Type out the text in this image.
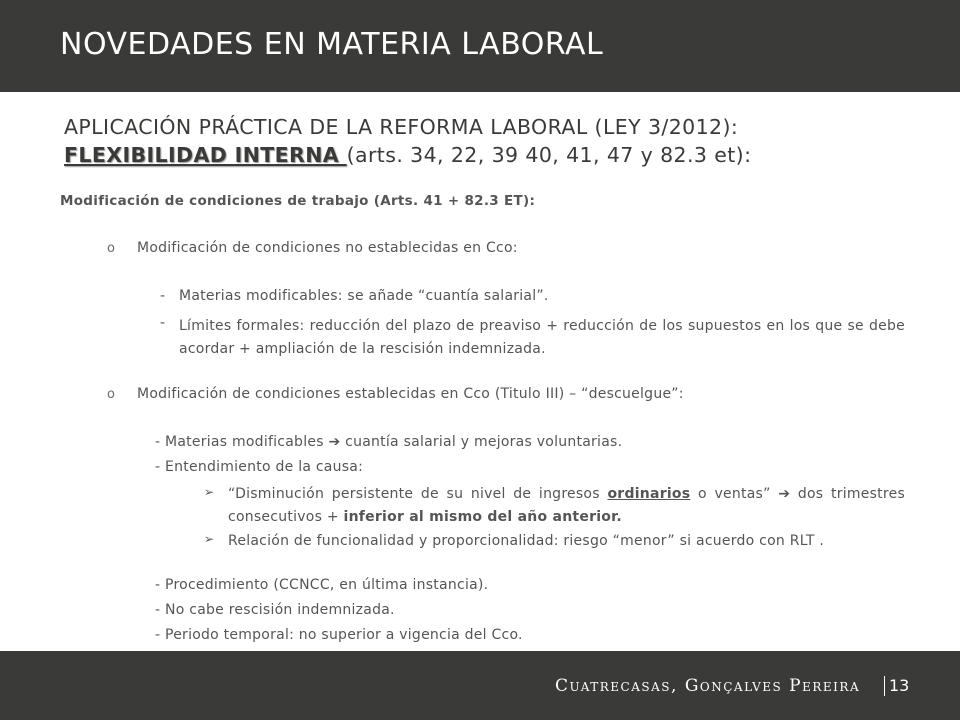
NOVEDADES EN MATERIA LABORAL
APLICACIÓN PRÁCTICA DE LA REFORMA LABORAL (LEY 3/2012):
FLEXIBILIDAD INTERNA (arts. 34, 22, 39 40, 41, 47 y 82.3 et):
Modificación de condiciones de trabajo (Arts. 41 + 82.3 ET):
o Modificación de condiciones no establecidas en Cco:
- Materias modificables: se añade “cuantía salarial”.
- Límites formales: reducción del plazo de preaviso + reducción de los supuestos en los que se debe acordar + ampliación de la rescisión indemnizada.
o Modificación de condiciones establecidas en Cco (Titulo III) – “descuelgue”:
- Materias modificables ➔ cuantía salarial y mejoras voluntarias.
- Entendimiento de la causa:
➢ “Disminución persistente de su nivel de ingresos ordinarios o ventas” ➔ dos trimestres consecutivos + inferior al mismo del año anterior.
➢ Relación de funcionalidad y proporcionalidad: riesgo “menor” si acuerdo con RLT .
- Procedimiento (CCNCC, en última instancia).
- No cabe rescisión indemnizada.
- Periodo temporal: no superior a vigencia del Cco.
Cuatrecasas, Gonçalves Pereira	13
